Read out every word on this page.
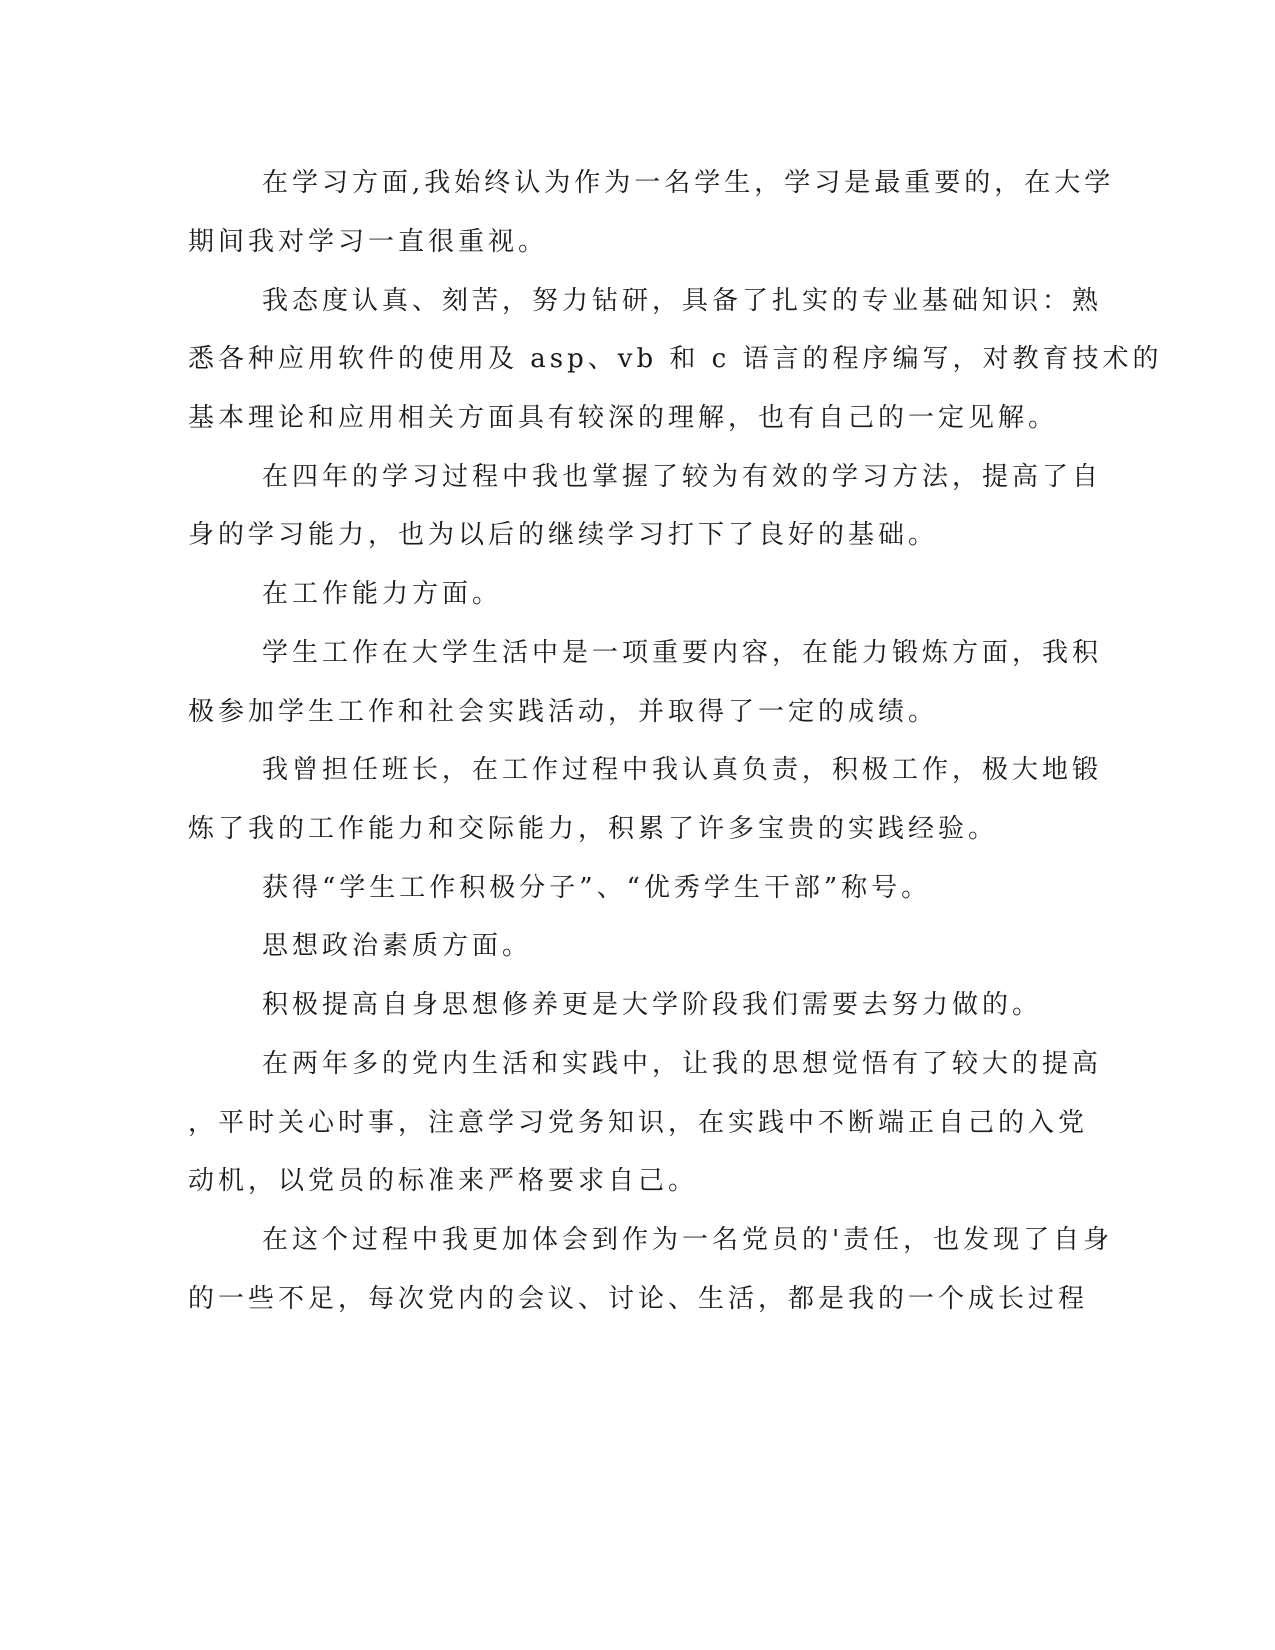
在学习方面,我始终认为作为一名学生，学习是最重要的，在大学
期间我对学习一直很重视。
我态度认真、刻苦，努力钻研，具备了扎实的专业基础知识：熟
悉各种应用软件的使用及 asp、vb 和 c 语言的程序编写，对教育技术的
基本理论和应用相关方面具有较深的理解，也有自己的一定见解。
在四年的学习过程中我也掌握了较为有效的学习方法，提高了自
身的学习能力，也为以后的继续学习打下了良好的基础。
在工作能力方面。
学生工作在大学生活中是一项重要内容，在能力锻炼方面，我积
极参加学生工作和社会实践活动，并取得了一定的成绩。
我曾担任班长，在工作过程中我认真负责，积极工作，极大地锻
炼了我的工作能力和交际能力，积累了许多宝贵的实践经验。
获得“学生工作积极分子”、“优秀学生干部”称号。
思想政治素质方面。
积极提高自身思想修养更是大学阶段我们需要去努力做的。
在两年多的党内生活和实践中，让我的思想觉悟有了较大的提高
，平时关心时事，注意学习党务知识，在实践中不断端正自己的入党
动机，以党员的标准来严格要求自己。
在这个过程中我更加体会到作为一名党员的'责任，也发现了自身
的一些不足，每次党内的会议、讨论、生活，都是我的一个成长过程
